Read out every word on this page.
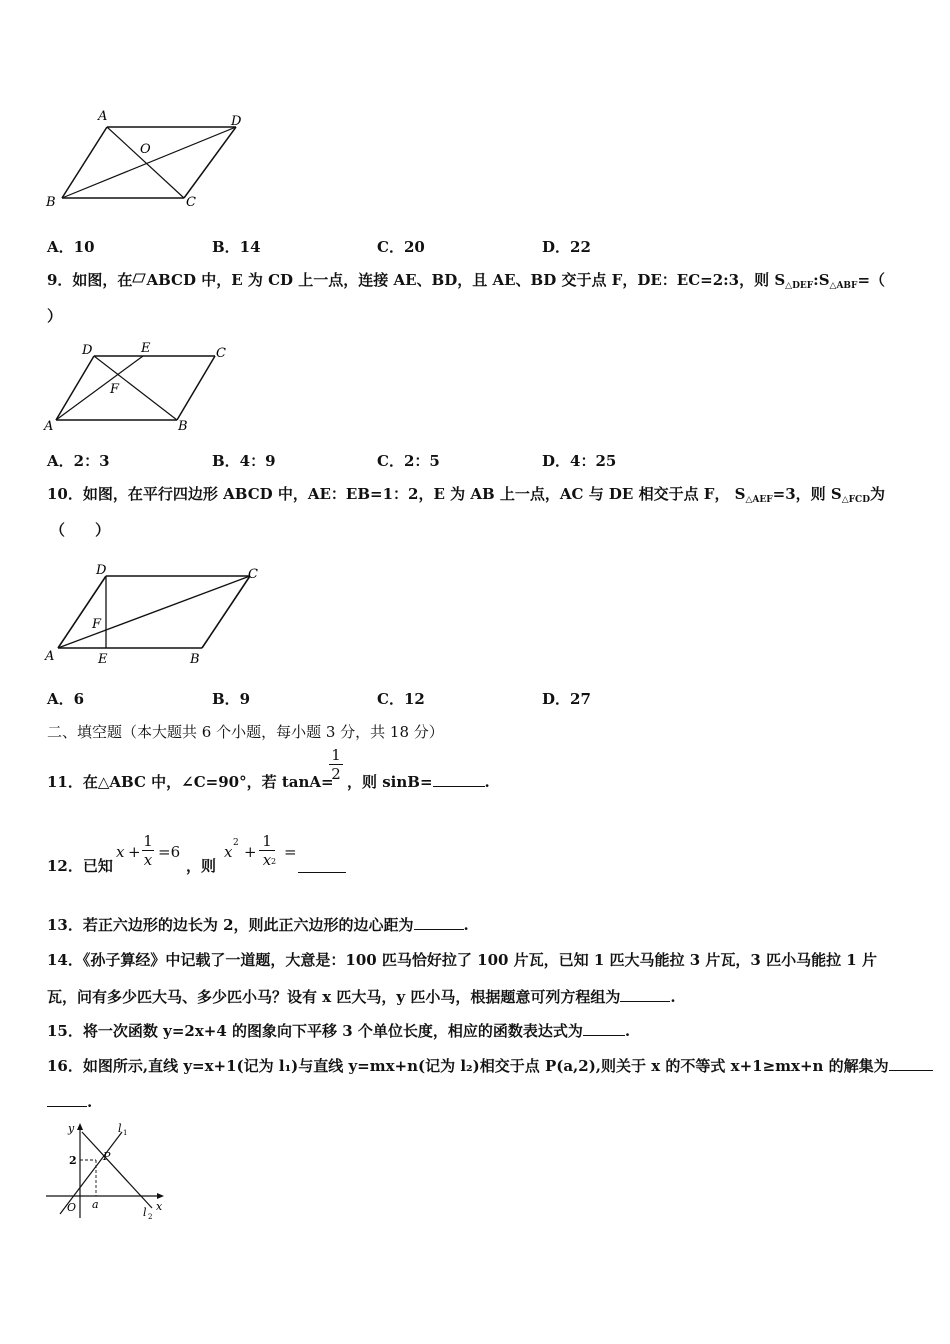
A	D
O
B	C
A．10	B．14	C．20	D．22
9．如图，在 ABCD 中，E 为 CD 上一点，连接 AE、BD，且 AE、BD 交于点 F，DE：EC=2:3，则 $S_{\triangle DEF}:S_{\triangle ABF}=$（
）
D	E	C
F
A	B
A．2：3	B．4：9	C．2：5	D．4：25
10．如图，在平行四边形 ABCD 中，AE：EB=1：2，E 为 AB 上一点，AC 与 DE 相交于点 F， $S_{\triangle AEF}=3$，则 $S_{\triangle FCD}$为
（　　）
D	C
F
A	E	B
A．6	B．9	C．12	D．27
二、填空题（本大题共 6 个小题，每小题 3 分，共 18 分）
11．在△ABC 中，∠C=90°，若 tanA=
1
2 ，则 sinB=	.
12．已知
x +
1
x =6
，则
x 2 +
1
x 2
=
13．若正六边形的边长为 2，则此正六边形的边心距为	.
14．《孙子算经》中记载了一道题，大意是：100 匹马恰好拉了 100 片瓦，已知 1 匹大马能拉 3 片瓦，3 匹小马能拉 1 片
瓦，问有多少匹大马、多少匹小马？设有 x 匹大马，y 匹小马，根据题意可列方程组为	.
15．将一次函数 y=2x+4 的图象向下平移 3 个单位长度，相应的函数表达式为	.
16．如图所示,直线 y=x+1(记为 l₁)与直线 y=mx+n(记为 l₂)相交于点 P(a,2),则关于 x 的不等式 x+1≥mx+n 的解集为
.
y	l 1
2 P
O a
l 2
x
